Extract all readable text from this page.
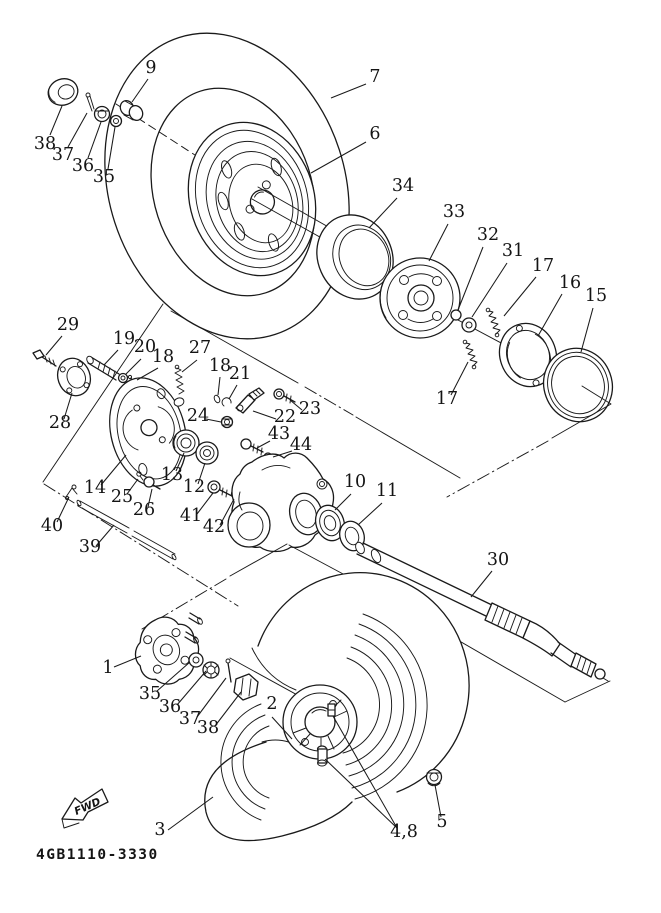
FWD
4GB1110-3330
38
37
36
35
9	7
6
34
33
32
31
17
16
15
17
29
19
20
18 27
18
21
28	24	22 23
43
44
14 25
26
13
12
41
42
40
39
10 11
30
1
35
36
37
38
2
3	4,8 5
